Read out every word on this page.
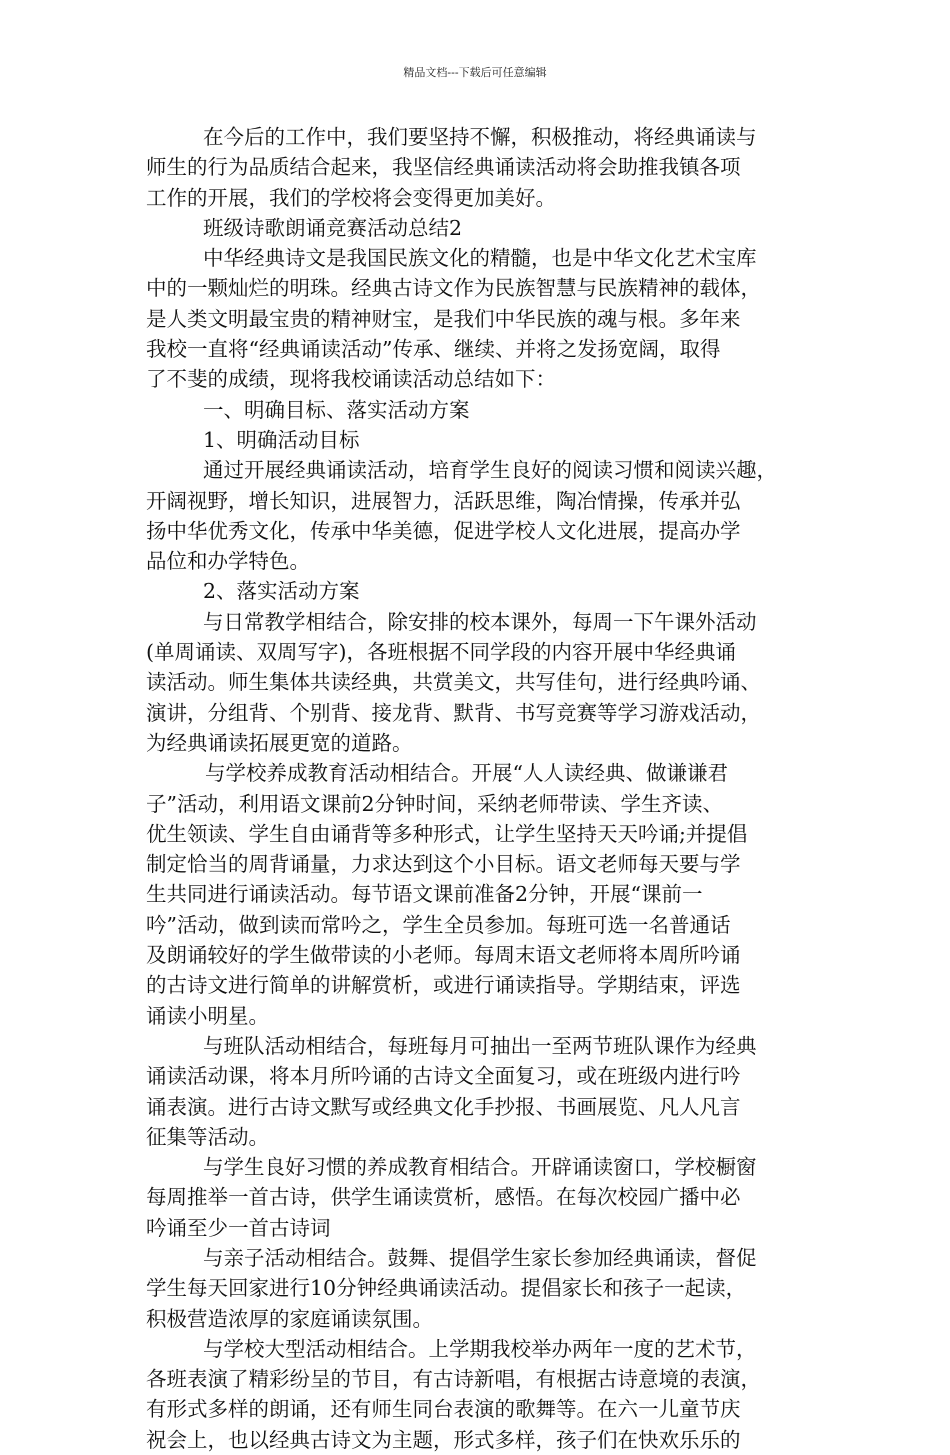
精品文档---下载后可任意编辑
在今后的工作中，我们要坚持不懈，积极推动，将经典诵读与
师生的行为品质结合起来，我坚信经典诵读活动将会助推我镇各项
工作的开展，我们的学校将会变得更加美好。
班级诗歌朗诵竞赛活动总结2
中华经典诗文是我国民族文化的精髓，也是中华文化艺术宝库
中的一颗灿烂的明珠。经典古诗文作为民族智慧与民族精神的载体，
是人类文明最宝贵的精神财宝，是我们中华民族的魂与根。多年来
我校一直将“经典诵读活动”传承、继续、并将之发扬宽阔，取得
了不斐的成绩，现将我校诵读活动总结如下：
一、明确目标、落实活动方案
1、明确活动目标
通过开展经典诵读活动，培育学生良好的阅读习惯和阅读兴趣，
开阔视野，增长知识，进展智力，活跃思维，陶冶情操，传承并弘
扬中华优秀文化，传承中华美德，促进学校人文化进展，提高办学
品位和办学特色。
2、落实活动方案
与日常教学相结合，除安排的校本课外，每周一下午课外活动
(单周诵读、双周写字)，各班根据不同学段的内容开展中华经典诵
读活动。师生集体共读经典，共赏美文，共写佳句，进行经典吟诵、
演讲，分组背、个别背、接龙背、默背、书写竞赛等学习游戏活动，
为经典诵读拓展更宽的道路。
与学校养成教育活动相结合。开展“人人读经典、做谦谦君
子”活动，利用语文课前2分钟时间，采纳老师带读、学生齐读、
优生领读、学生自由诵背等多种形式，让学生坚持天天吟诵;并提倡
制定恰当的周背诵量，力求达到这个小目标。语文老师每天要与学
生共同进行诵读活动。每节语文课前准备2分钟，开展“课前一
吟”活动，做到读而常吟之，学生全员参加。每班可选一名普通话
及朗诵较好的学生做带读的小老师。每周末语文老师将本周所吟诵
的古诗文进行简单的讲解赏析，或进行诵读指导。学期结束，评选
诵读小明星。
与班队活动相结合，每班每月可抽出一至两节班队课作为经典
诵读活动课，将本月所吟诵的古诗文全面复习，或在班级内进行吟
诵表演。进行古诗文默写或经典文化手抄报、书画展览、凡人凡言
征集等活动。
与学生良好习惯的养成教育相结合。开辟诵读窗口，学校橱窗
每周推举一首古诗，供学生诵读赏析，感悟。在每次校园广播中必
吟诵至少一首古诗词
与亲子活动相结合。鼓舞、提倡学生家长参加经典诵读，督促
学生每天回家进行10分钟经典诵读活动。提倡家长和孩子一起读，
积极营造浓厚的家庭诵读氛围。
与学校大型活动相结合。上学期我校举办两年一度的艺术节，
各班表演了精彩纷呈的节目，有古诗新唱，有根据古诗意境的表演，
有形式多样的朗诵，还有师生同台表演的歌舞等。在六一儿童节庆
祝会上，也以经典古诗文为主题，形式多样，孩子们在快欢乐乐的
